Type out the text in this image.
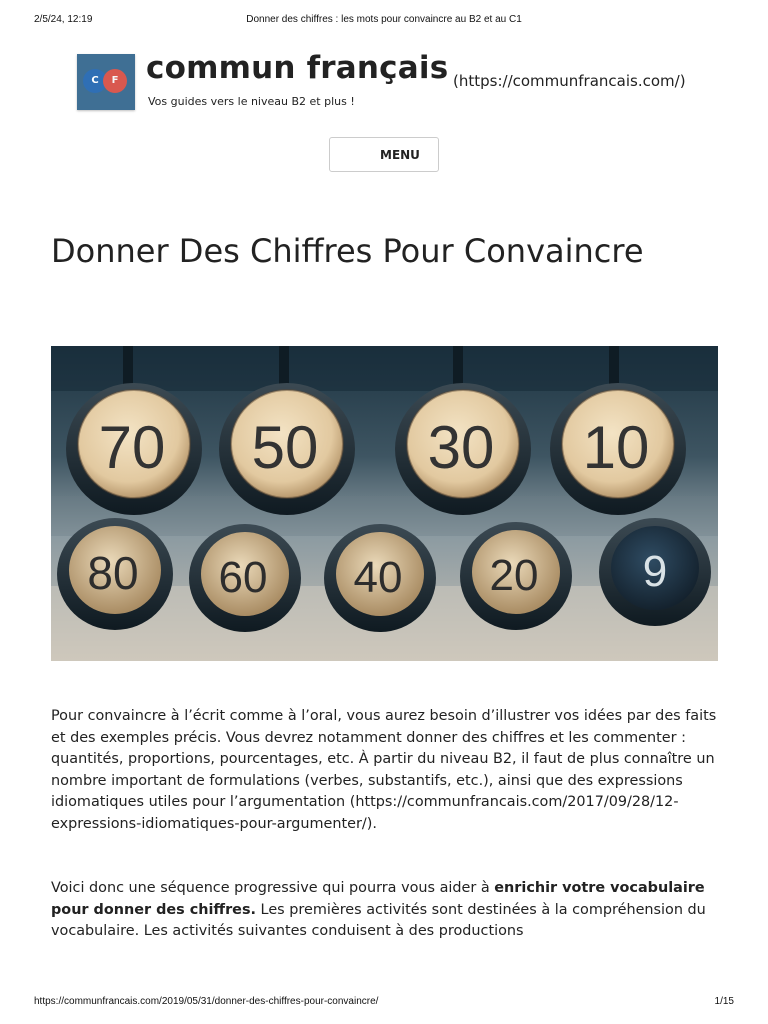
2/5/24, 12:19	Donner des chiffres : les mots pour convaincre au B2 et au C1
C	F commun français (https://communfrancais.com/)
Vos guides vers le niveau B2 et plus !
MENU
Donner Des Chiffres Pour Convaincre
80 60 40 20 9
70 50 30 10

Pour convaincre à l’écrit comme à l’oral, vous aurez besoin d’illustrer vos idées par des faits et des exemples précis. Vous devrez notamment donner des chiffres et les commenter : quantités, proportions, pourcentages, etc. À partir du niveau B2, il faut de plus connaître un nombre important de formulations (verbes, substantifs, etc.), ainsi que des expressions idiomatiques utiles pour l’argumentation (https://communfrancais.com/2017/09/28/12-expressions-idiomatiques-pour-argumenter/).

Voici donc une séquence progressive qui pourra vous aider à enrichir votre vocabulaire pour donner des chiffres. Les premières activités sont destinées à la compréhension du vocabulaire. Les activités suivantes conduisent à des productions

https://communfrancais.com/2019/05/31/donner-des-chiffres-pour-convaincre/	1/15
